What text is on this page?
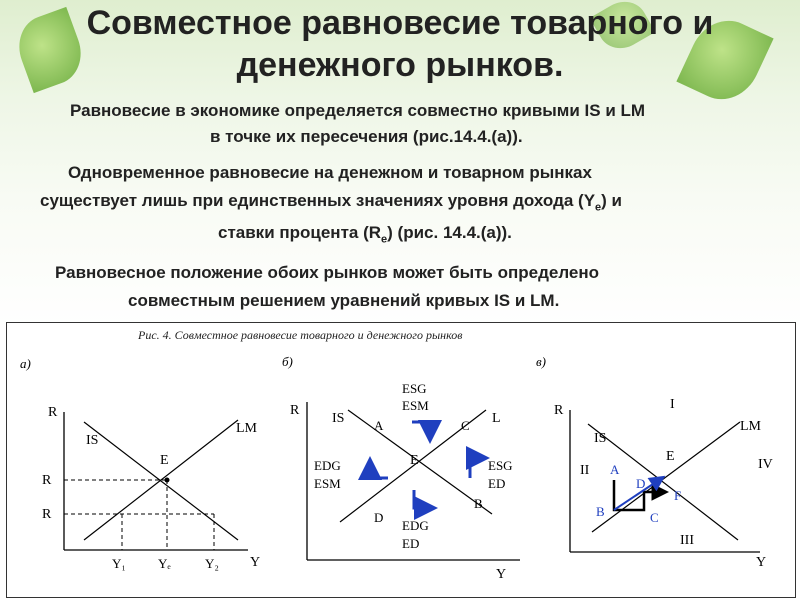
Совместное равновесие товарного и
денежного рынков.
Равновесие в экономике определяется совместно кривыми IS и LM
в точке их пересечения (рис.14.4.(а)).
Одновременное равновесие на денежном и товарном рынках
существует лишь при единственных значениях уровня дохода $(Y_e)$ и
ставки процента $(R_e)$ (рис. 14.4.(а)).
Равновесное положение обоих рынков может быть определено
совместным решением уравнений кривых IS и LM.
Рис. 4. Совместное равновесие товарного и денежного рынков
а)
R
Y
IS
LM
E
R
R
Y₁ Yₑ	Y₂
б)
R
Y
IS	L
E
A	C
B
D
ESG
ESM
EDG
ESM
ESG
ED
EDG
ED
в)
R
Y
IS
LM
E
I
II
III
IV
A
B	C
D
F
